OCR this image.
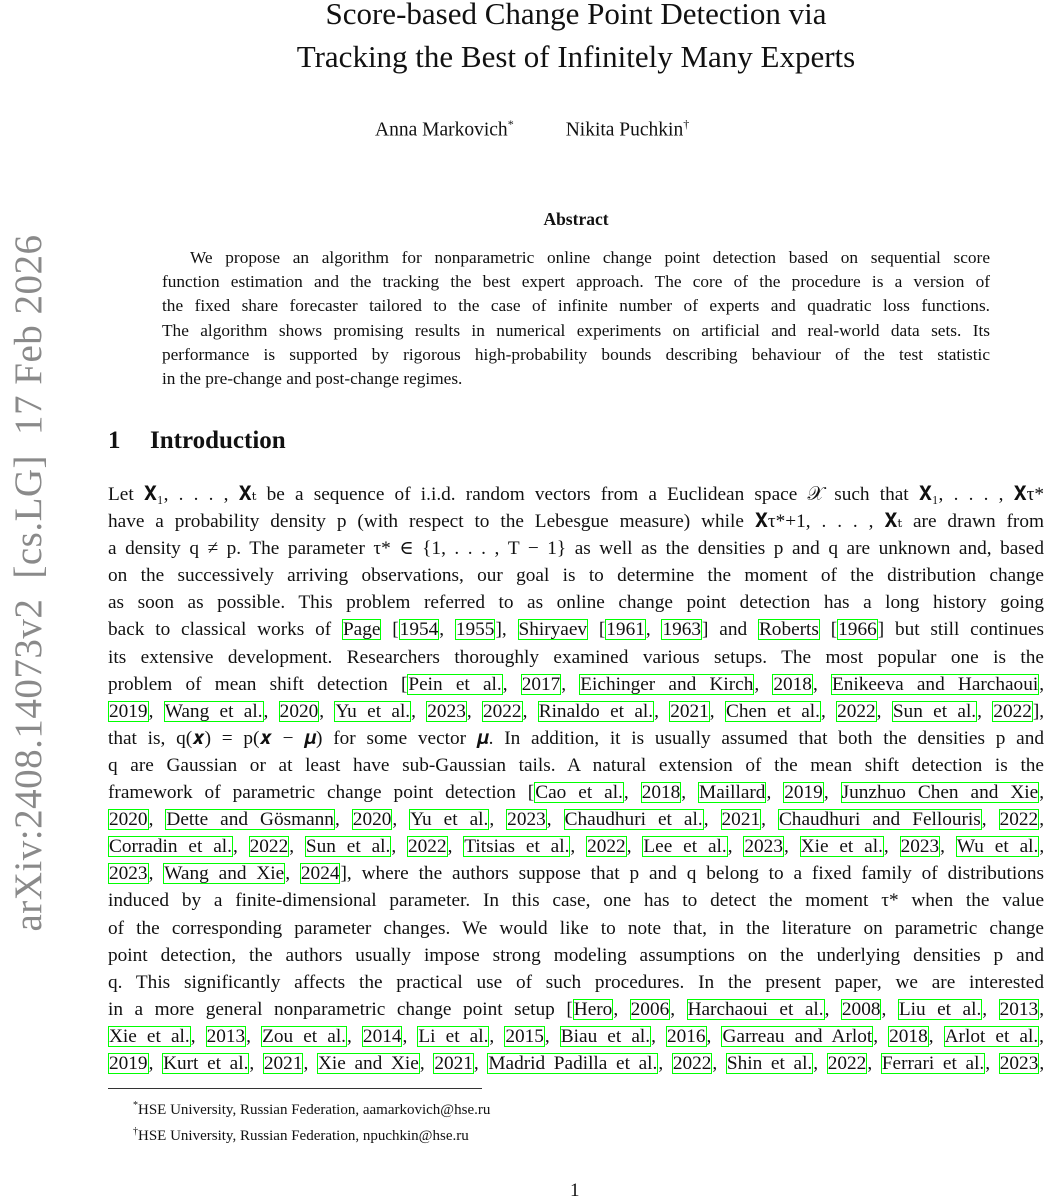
arXiv:2408.14073v2[cs.LG]17 Feb 2026
Score-based Change Point Detection via
Tracking the Best of Infinitely Many Experts
Anna Markovich*	Nikita Puchkin†
Abstract
We propose an algorithm for nonparametric online change point detection based on sequential score
function estimation and the tracking the best expert approach. The core of the procedure is a version of
the fixed share forecaster tailored to the case of infinite number of experts and quadratic loss functions.
The algorithm shows promising results in numerical experiments on artificial and real-world data sets. Its
performance is supported by rigorous high-probability bounds describing behaviour of the test statistic
in the pre-change and post-change regimes.
1 Introduction
Let 𝐗₁, . . . , 𝐗ₜ be a sequence of i.i.d. random vectors from a Euclidean space 𝒳 such that 𝐗₁, . . . , 𝐗τ*
have a probability density p (with respect to the Lebesgue measure) while 𝐗τ*+1, . . . , 𝐗ₜ are drawn from
a density q ≠ p. The parameter τ* ∈ {1, . . . , T − 1} as well as the densities p and q are unknown and, based
on the successively arriving observations, our goal is to determine the moment of the distribution change
as soon as possible. This problem referred to as online change point detection has a long history going
back to classical works of Page [1954, 1955], Shiryaev [1961, 1963] and Roberts [1966] but still continues
its extensive development. Researchers thoroughly examined various setups. The most popular one is the
problem of mean shift detection [Pein et al., 2017, Eichinger and Kirch, 2018, Enikeeva and Harchaoui,
2019, Wang et al., 2020, Yu et al., 2023, 2022, Rinaldo et al., 2021, Chen et al., 2022, Sun et al., 2022],
that is, q(𝒙) = p(𝒙 − 𝝁) for some vector 𝝁. In addition, it is usually assumed that both the densities p and
q are Gaussian or at least have sub-Gaussian tails. A natural extension of the mean shift detection is the
framework of parametric change point detection [Cao et al., 2018, Maillard, 2019, Junzhuo Chen and Xie,
2020, Dette and Gösmann, 2020, Yu et al., 2023, Chaudhuri et al., 2021, Chaudhuri and Fellouris, 2022,
Corradin et al., 2022, Sun et al., 2022, Titsias et al., 2022, Lee et al., 2023, Xie et al., 2023, Wu et al.,
2023, Wang and Xie, 2024], where the authors suppose that p and q belong to a fixed family of distributions
induced by a finite-dimensional parameter. In this case, one has to detect the moment τ* when the value
of the corresponding parameter changes. We would like to note that, in the literature on parametric change
point detection, the authors usually impose strong modeling assumptions on the underlying densities p and
q. This significantly affects the practical use of such procedures. In the present paper, we are interested
in a more general nonparametric change point setup [Hero, 2006, Harchaoui et al., 2008, Liu et al., 2013,
Xie et al., 2013, Zou et al., 2014, Li et al., 2015, Biau et al., 2016, Garreau and Arlot, 2018, Arlot et al.,
2019, Kurt et al., 2021, Xie and Xie, 2021, Madrid Padilla et al., 2022, Shin et al., 2022, Ferrari et al., 2023,
*HSE University, Russian Federation, aamarkovich@hse.ru
†HSE University, Russian Federation, npuchkin@hse.ru
1
